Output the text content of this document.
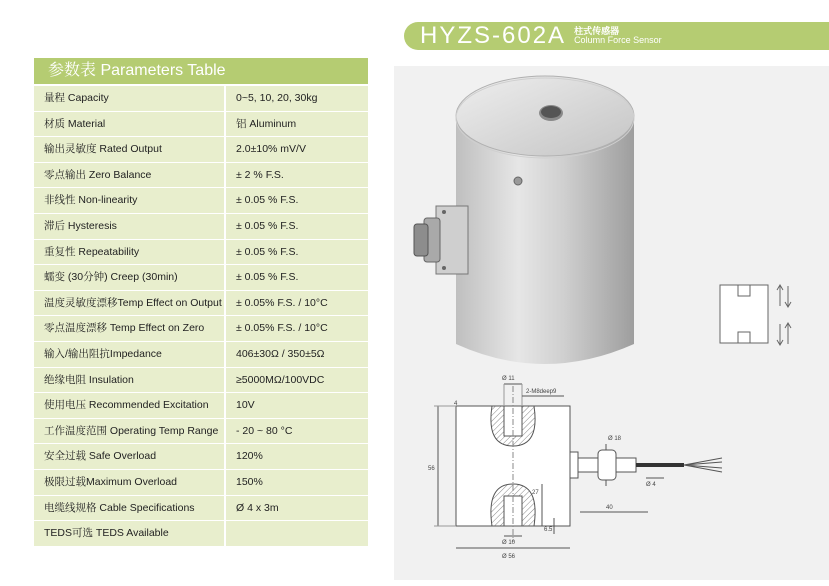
HYZS-602A 柱式传感器
Column Force Sensor
参数表 Parameters Table
量程 Capacity	0~5, 10, 20, 30kg
材质 Material	铝 Aluminum
输出灵敏度 Rated Output	2.0±10% mV/V
零点输出 Zero Balance	± 2 % F.S.
非线性 Non-linearity	± 0.05 % F.S.
滞后 Hysteresis	± 0.05 % F.S.
重复性 Repeatability	± 0.05 % F.S.
蠕变 (30分钟) Creep (30min)	± 0.05 % F.S.
温度灵敏度漂移Temp Effect on Output	± 0.05% F.S. / 10°C
零点温度漂移 Temp Effect on Zero	± 0.05% F.S. / 10°C
输入/输出阻抗Impedance	406±30Ω / 350±5Ω
绝缘电阻 Insulation	≥5000MΩ/100VDC
使用电压 Recommended Excitation	10V
工作温度范围 Operating Temp Range	- 20 ~ 80 °C
安全过载 Safe Overload	120%
极限过载Maximum Overload	150%
电缆线规格 Cable Specifications	Ø 4 x 3m
TEDS可选 TEDS Available
Ø 11
2-M8deep9
4
56
Ø 18
Ø 4
27
6.5
40
Ø 10
Ø 56
